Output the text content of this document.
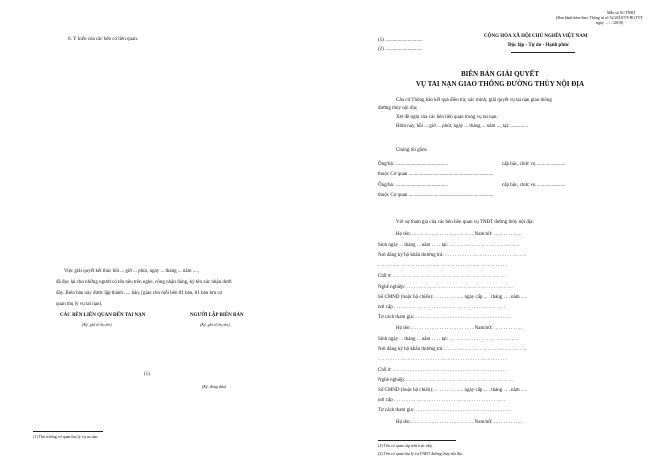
Mẫu số 01/TNĐT
(Ban hành kèm theo Thông tư số 52/2018/TT-BGTVT
ngày ... /.../2018)
6. Ý kiến của các bên có liên quan:
Việc giải quyết kết thúc hồi ... giờ ... phút, ngày ... tháng ... năm ....,
đã đọc lại cho những người có tên nêu trên nghe, công nhận đúng, ký tên xác nhận dưới
đây. Biên bản này được lập thành ..... bản, (giao cho mỗi bên 01 bản, 01 bản lưu cơ
quan thụ lý vụ tai nạn).
CÁC BÊN LIÊN QUAN ĐẾN TAI NẠN
(Ký, ghi rõ họ tên)
NGƯỜI LẬP BIÊN BẢN
(Ký, ghi rõ họ tên)
(1)
(Ký, đóng dấu)
(1) Thủ trưởng cơ quan thụ lý vụ tai nạn.
(1) ..............................
(2) ..............................
CỘNG HÒA XÃ HỘI CHỦ NGHĨA VIỆT NAM
Độc lập - Tự do - Hạnh phúc
BIÊN BẢN GIẢI QUYẾT
VỤ TAI NẠN GIAO THÔNG ĐƯỜNG THỦY NỘI ĐỊA
Căn cứ Thông báo kết quả điều tra, xác minh, giải quyết vụ tai nạn giao thông
đường thủy nội địa;
Xét đề nghị của các bên liên quan trong vụ tai nạn;
Hôm nay, hồi ... giờ ... phút, ngày ... tháng ... năm ..., tại: ..............
Chúng tôi gồm:
Ông/bà: ..........................................	cấp bậc, chức vụ .......................
thuộc Cơ quan ....................................................................
Ông/bà: ..........................................	cấp bậc, chức vụ .......................
thuộc Cơ quan ....................................................................
Với sự tham gia của các bên liên quan vụ TNĐT đường thủy nội địa:
Họ tên: . . . . . . . . . . . . . . . . . . . . . . . . . Nam/nữ: . . . . . . . . . . . .
Sinh ngày . . tháng . . năm . . . . tại: . . . . . . . . . . . . . . . . . . . . . . . . . . . .
Nơi đăng ký hộ khẩu thường trú: . . . . . . . . . . . . . . . . . . . . . . . . . . . . . . . . .
. . . . . . . . . . . . . . . . . . . . . . . . . . . . . . . . . . . . . . . . . . . . . . . . . . . .
Chỗ ở: . . . . . . . . . . . . . . . . . . . . . . . . . . . . . . . . . . . . . . . . . . . . . .
Nghề nghiệp: . . . . . . . . . . . . . . . . . . . . . . . . . . . . . . . . . . . . . . . . . . .
Số CMND (hoặc hộ chiếu): . . . . . . . . . . . . ngày cấp . . . tháng . . . năm . . .
nơi cấp . . . . . . . . . . . . . . . . . . . . . . . . . . . . . . . . . . . . . . . . . . . . .
Tư cách tham gia: . . . . . . . . . . . . . . . . . . . . . . . . . . . . . . . . . . . . . . .
Họ tên: . . . . . . . . . . . . . . . . . . . . . . . . . Nam/nữ: . . . . . . . . . . . .
Sinh ngày . . tháng . . năm . . . . tại: . . . . . . . . . . . . . . . . . . . . . . . . . . . .
Nơi đăng ký hộ khẩu thường trú: . . . . . . . . . . . . . . . . . . . . . . . . . . . . . . . . .
. . . . . . . . . . . . . . . . . . . . . . . . . . . . . . . . . . . . . . . . . . . . . . . . . . . .
Chỗ ở: . . . . . . . . . . . . . . . . . . . . . . . . . . . . . . . . . . . . . . . . . . . . . .
Nghề nghiệp: . . . . . . . . . . . . . . . . . . . . . . . . . . . . . . . . . . . . . . . . . . .
Số CMND (hoặc hộ chiếu): . . . . . . . . . . . . ngày cấp . . . tháng . . . năm . . .
nơi cấp . . . . . . . . . . . . . . . . . . . . . . . . . . . . . . . . . . . . . . . . . . . . .
Tư cách tham gia: . . . . . . . . . . . . . . . . . . . . . . . . . . . . . . . . . . . . . . .
Họ tên: . . . . . . . . . . . . . . . . . . . . . . . . . Nam/nữ: . . . . . . . . . . . .
(1) Tên cơ quan cấp trên trực tiếp.
(2) Tên cơ quan thụ lý vụ TNĐT đường thủy nội địa.
